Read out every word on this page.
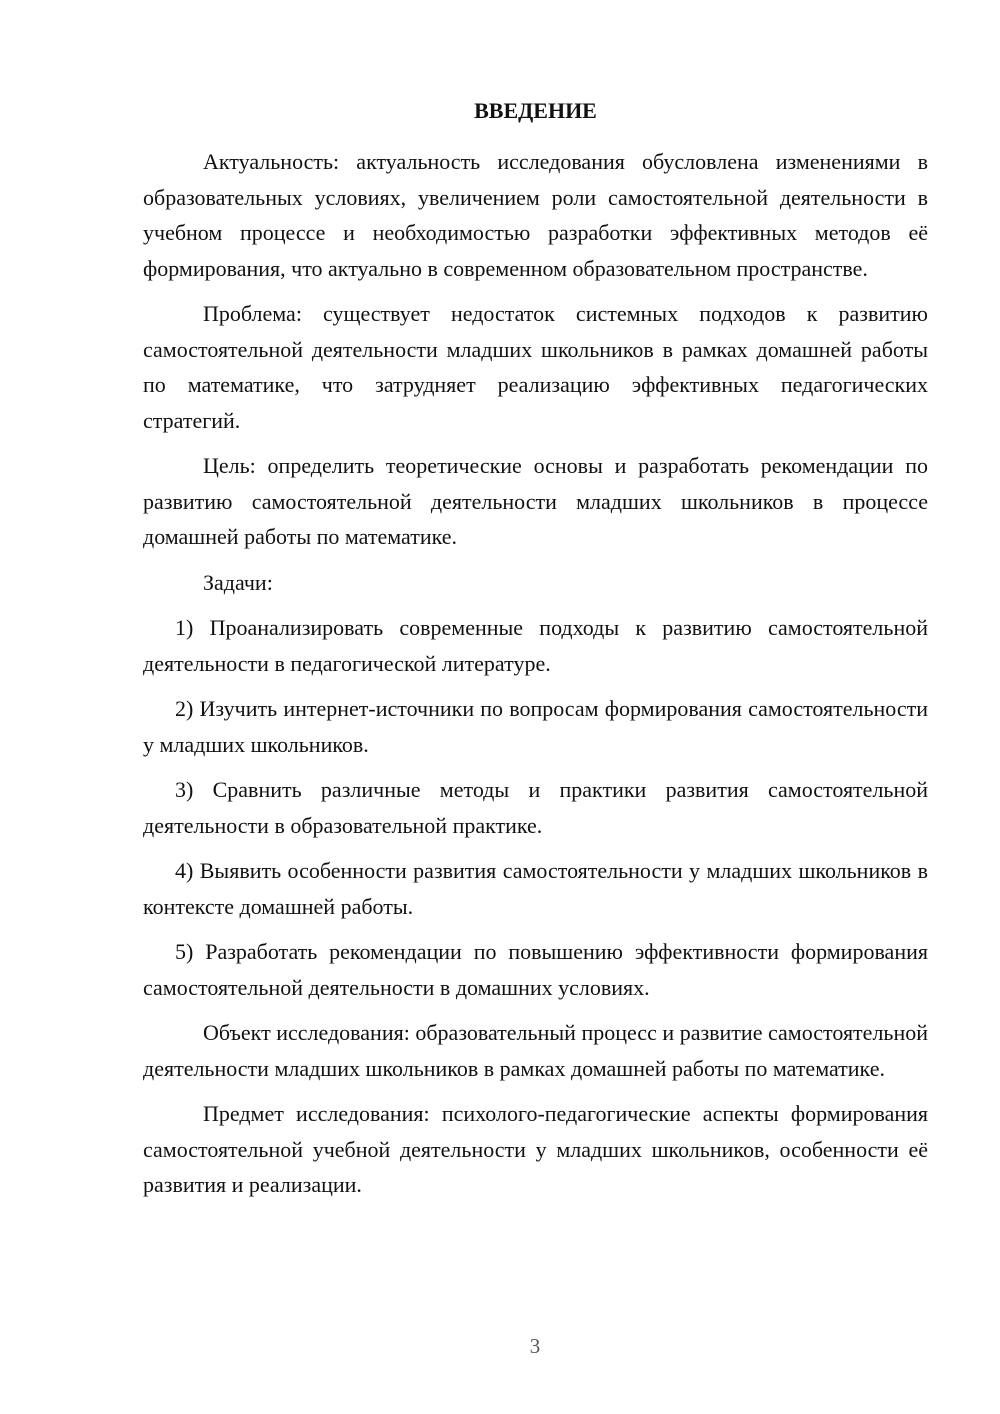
ВВЕДЕНИЕ

Актуальность: актуальность исследования обусловлена изменениями в образовательных условиях, увеличением роли самостоятельной деятельности в учебном процессе и необходимостью разработки эффективных методов её формирования, что актуально в современном образовательном пространстве.

Проблема: существует недостаток системных подходов к развитию самостоятельной деятельности младших школьников в рамках домашней работы по математике, что затрудняет реализацию эффективных педагогических стратегий.

Цель: определить теоретические основы и разработать рекомендации по развитию самостоятельной деятельности младших школьников в процессе домашней работы по математике.

Задачи:

1) Проанализировать современные подходы к развитию самостоятельной деятельности в педагогической литературе.

2) Изучить интернет-источники по вопросам формирования самостоятельности у младших школьников.

3) Сравнить различные методы и практики развития самостоятельной деятельности в образовательной практике.

4) Выявить особенности развития самостоятельности у младших школьников в контексте домашней работы.

5) Разработать рекомендации по повышению эффективности формирования самостоятельной деятельности в домашних условиях.

Объект исследования: образовательный процесс и развитие самостоятельной деятельности младших школьников в рамках домашней работы по математике.

Предмет исследования: психолого-педагогические аспекты формирования самостоятельной учебной деятельности у младших школьников, особенности её развития и реализации.

3
